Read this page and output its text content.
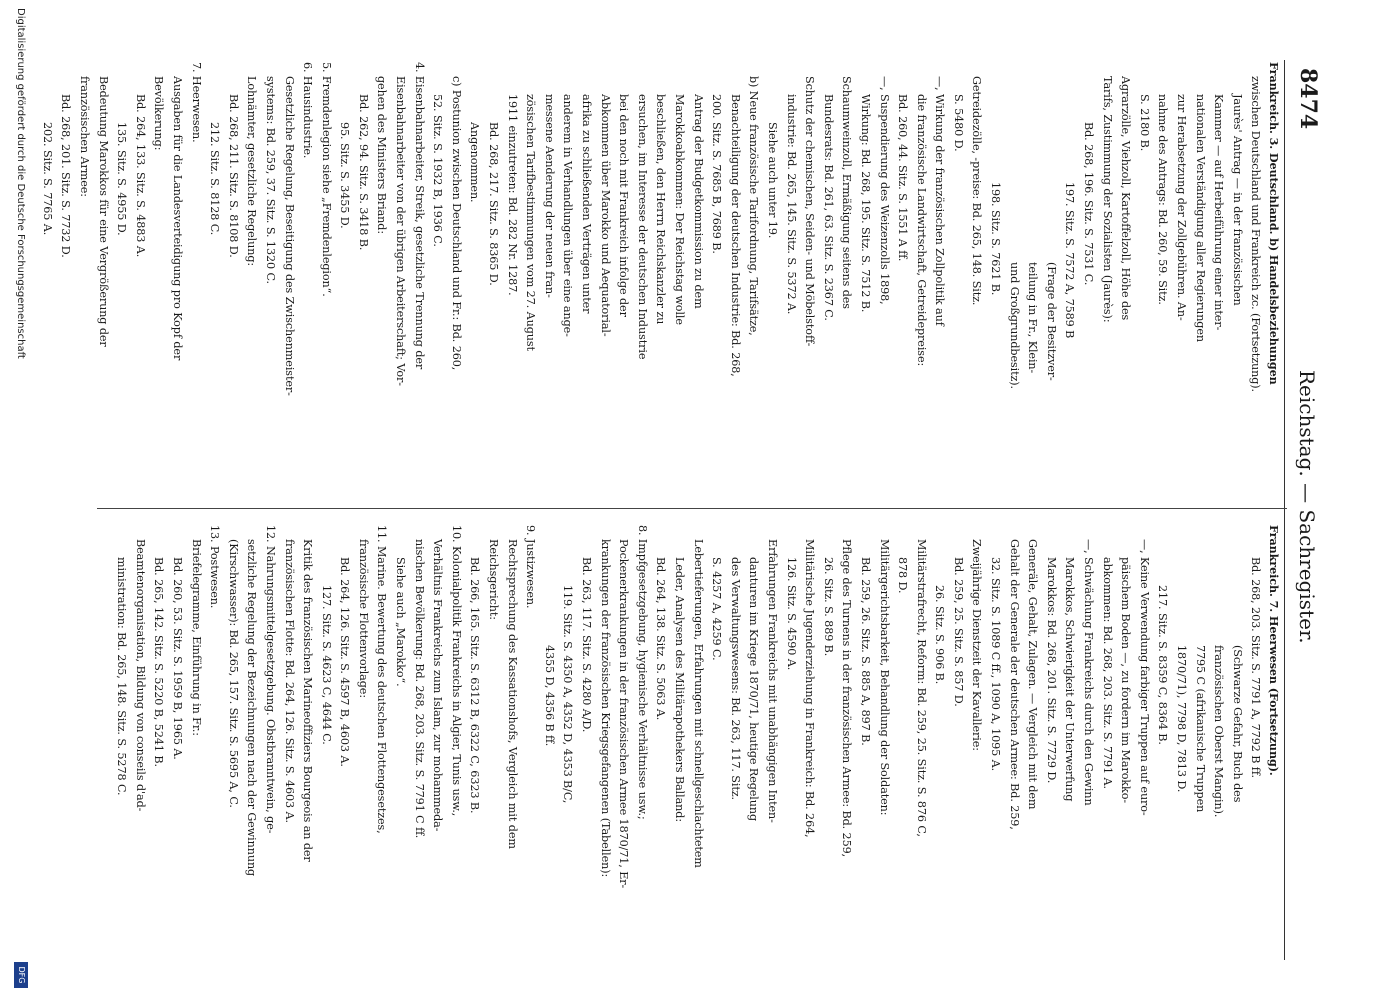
8474
Reichstag. — Sachregister.
Frankreich. 3. Deutschland. b) Handelsbeziehungen
zwischen Deutschland und Frankreich zc. (Fortsetzung).
Jaurès' Antrag — in der französischen
Kammer — auf Herbeiführung einer inter-
nationalen Verständigung aller Regierungen
zur Herabsetzung der Zollgebühren. An-
nahme des Antrags: Bd. 260, 59. Sitz.
S. 2180 B.
Agrarzölle, Viehzoll, Kartoffelzoll, Höhe des
Tarifs, Zustimmung der Sozialisten (Jaurès):
Bd. 268, 196. Sitz. S. 7531 C.
197. Sitz. S. 7572 A, 7589 B
(Frage der Besitzver-
teilung in Fr., Klein-
und Großgrundbesitz).
198. Sitz. S. 7621 B.
Getreidezölle, -preise: Bd. 265, 148. Sitz.
S. 5480 D.
—, Wirkung der französischen Zollpolitik auf
die französische Landwirtschaft, Getreidepreise:
Bd. 260, 44. Sitz. S. 1551 A ff.
—, Suspendierung des Weizenzolls 1898,
Wirkung: Bd. 268, 195. Sitz. S. 7512 B.
Schaumweinzoll, Ermäßigung seitens des
Bundesrats: Bd. 261, 63. Sitz. S. 2367 C.
Schutz der chemischen, Seiden- und Möbelstoff-
industrie: Bd. 265, 145. Sitz. S. 5372 A.
Siehe auch unter 19.
b) Neue französische Tarifordnung, Tarifsätze,
Benachteiligung der deutschen Industrie: Bd. 268,
200. Sitz. S. 7685 B, 7689 B.
Antrag der Budgetkommission zu dem
Marokkoabkommen: Der Reichstag wolle
beschließen, den Herrn Reichskanzler zu
ersuchen, im Interesse der deutschen Industrie
bei den noch mit Frankreich infolge der
Abkommen über Marokko und Aequatorial-
afrika zu schließenden Verträgen unter
anderem in Verhandlungen über eine ange-
messene Aenderung der neuen fran-
zösischen Tarifbestimmungen vom 27. August
1911 einzutreten: Bd. 282 Nr. 1287.
Bd. 268, 217. Sitz. S. 8365 D.
Angenommen.
c) Postunion zwischen Deutschland und Fr.: Bd. 260,
52. Sitz. S. 1932 B, 1936 C.
4. Eisenbahnarbeiter, Streik, gesetzliche Trennung der
Eisenbahnarbeiter von der übrigen Arbeiterschaft; Vor-
gehen des Ministers Briand:
Bd. 262, 94. Sitz. S. 3418 B.
95. Sitz. S. 3455 D.
5. Fremdenlegion siehe „Fremdenlegion“.
6. Hausindustrie.
Gesetzliche Regelung, Beseitigung des Zwischenmeister-
systems: Bd. 259, 37. Sitz. S. 1320 C.
Lohnämter, gesetzliche Regelung:
Bd. 268, 211. Sitz. S. 8108 D.
212. Sitz. S. 8128 C.
7. Heerwesen.
Ausgaben für die Landesverteidigung pro Kopf der
Bevölkerung:
Bd. 264, 133. Sitz. S. 4883 A.
135. Sitz. S. 4955 D.
Bedeutung Marokkos für eine Vergrößerung der
französischen Armee:
Bd. 268, 201. Sitz. S. 7732 D.
202. Sitz. S. 7765 A.
Frankreich. 7. Heerwesen (Fortsetzung).
Bd. 268, 203. Sitz. S. 7791 A, 7792 B ff.
(Schwarze Gefahr, Buch des
französischen Oberst Mangin).
7795 C (afrikanische Truppen
1870/71), 7798 D, 7813 D.
217. Sitz. S. 8359 C, 8364 B.
—, Keine Verwendung farbiger Truppen auf euro-
päischem Boden —, zu fordern im Marokko-
abkommen: Bd. 268, 203. Sitz. S. 7791 A.
—, Schwächung Frankreichs durch den Gewinn
Marokkos, Schwierigkeit der Unterwerfung
Marokkos: Bd. 268, 201. Sitz. S. 7729 D.
Generäle, Gehalt, Zulagen. — Vergleich mit dem
Gehalt der Generale der deutschen Armee: Bd. 259,
32. Sitz. S. 1089 C ff., 1090 A, 1095 A.
Zweijährige Dienstzeit der Kavallerie:
Bd. 259, 25. Sitz. S. 857 D.
26. Sitz. S. 906 B.
Militärstrafrecht, Reform: Bd. 259, 25. Sitz. S. 876 C,
878 D.
Militärgerichtsbarkeit, Behandlung der Soldaten:
Bd. 259, 26. Sitz. S. 885 A, 897 B.
Pflege des Turnens in der französischen Armee: Bd. 259,
26. Sitz. S. 889 B.
Militärische Jugenderziehung in Frankreich: Bd. 264,
126. Sitz. S. 4590 A.
Erfahrungen Frankreichs mit unabhängigen Inten-
danturen im Kriege 1870/71, heutige Regelung
des Verwaltungswesens: Bd. 263, 117. Sitz.
S. 4257 A, 4259 C.
Lebertieferungen, Erfahrungen mit schnellgeschlachtetem
Leder, Analysen des Militärapothekers Balland:
Bd. 264, 138. Sitz. S. 5063 A.
8. Impfgesetzgebung, hygienische Verhältnisse usw.;
Pockenerkrankungen in der französischen Armee 1870/71, Er-
krankungen der französischen Kriegsgefangenen (Tabellen):
Bd. 263, 117. Sitz. S. 4280 A/D.
119. Sitz. S. 4350 A, 4352 D, 4353 B/C,
4355 D, 4356 B ff.
9. Justizwesen.
Rechtsprechung des Kassationshofs, Vergleich mit dem
Reichsgericht:
Bd. 266, 165. Sitz. S. 6312 B, 6322 C, 6323 B.
10. Kolonialpolitik Frankreichs in Algier, Tunis usw.,
Verhältnis Frankreichs zum Islam, zur mohammeda-
nischen Bevölkerung: Bd. 268, 203. Sitz. S. 7791 C ff.
Siehe auch „Marokko“.
11. Marine. Bewertung des deutschen Flottengesetzes,
französische Flottenvorlage:
Bd. 264, 126. Sitz. S. 4597 B, 4603 A.
127. Sitz. S. 4623 C, 4644 C.
Kritik des französischen Marineoffiziers Bourgeois an der
französischen Flotte: Bd. 264, 126. Sitz. S. 4603 A.
12. Nahrungsmittelgesetzgebung. Obstbranntwein, ge-
setzliche Regelung der Bezeichnungen nach der Gewinnung
(Kirschwasser): Bd. 265, 157. Sitz. S. 5695 A, C.
13. Postwesen.
Briefelegramme, Einführung in Fr.:
Bd. 260, 53. Sitz. S. 1959 B, 1965 A.
Bd. 265, 142. Sitz. S. 5220 B, 5241 B.
Beamtenorganisation, Bildung von conseils d'ad-
ministration: Bd. 265, 148. Sitz. S. 5278 C.
Digitalisierung gefördert durch die Deutsche Forschungsgemeinschaft
DFG
